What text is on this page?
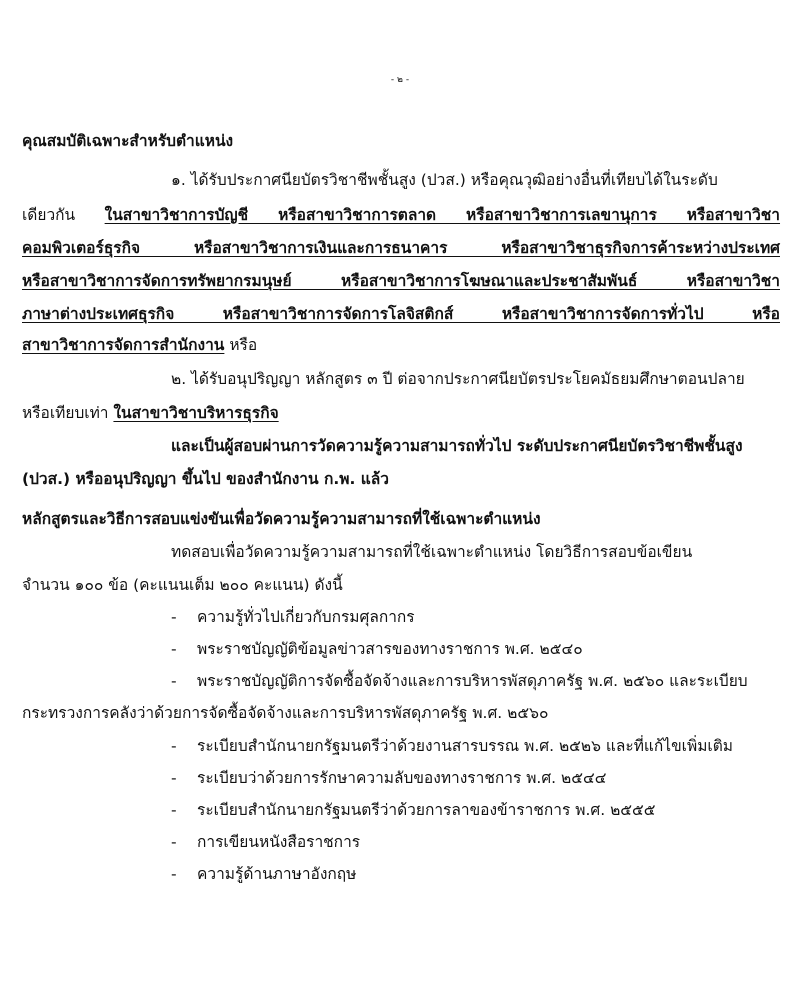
- ๒ -
คุณสมบัติเฉพาะสำหรับตำแหน่ง
๑. ได้รับประกาศนียบัตรวิชาชีพชั้นสูง (ปวส.) หรือคุณวุฒิอย่างอื่นที่เทียบได้ในระดับ
เดียวกัน ในสาขาวิชาการบัญชี หรือสาขาวิชาการตลาด หรือสาขาวิชาการเลขานุการ หรือสาขาวิชา
คอมพิวเตอร์ธุรกิจ หรือสาขาวิชาการเงินและการธนาคาร หรือสาขาวิชาธุรกิจการค้าระหว่างประเทศ
หรือสาขาวิชาการจัดการทรัพยากรมนุษย์ หรือสาขาวิชาการโฆษณาและประชาสัมพันธ์ หรือสาขาวิชา
ภาษาต่างประเทศธุรกิจ หรือสาขาวิชาการจัดการโลจิสติกส์ หรือสาขาวิชาการจัดการทั่วไป หรือ
สาขาวิชาการจัดการสำนักงาน หรือ
๒. ได้รับอนุปริญญา หลักสูตร ๓ ปี ต่อจากประกาศนียบัตรประโยคมัธยมศึกษาตอนปลาย
หรือเทียบเท่า ในสาขาวิชาบริหารธุรกิจ
และเป็นผู้สอบผ่านการวัดความรู้ความสามารถทั่วไป ระดับประกาศนียบัตรวิชาชีพชั้นสูง
(ปวส.) หรืออนุปริญญา ขึ้นไป ของสำนักงาน ก.พ. แล้ว
หลักสูตรและวิธีการสอบแข่งขันเพื่อวัดความรู้ความสามารถที่ใช้เฉพาะตำแหน่ง
ทดสอบเพื่อวัดความรู้ความสามารถที่ใช้เฉพาะตำแหน่ง โดยวิธีการสอบข้อเขียน
จำนวน ๑๐๐ ข้อ (คะแนนเต็ม ๒๐๐ คะแนน) ดังนี้
- ความรู้ทั่วไปเกี่ยวกับกรมศุลกากร
- พระราชบัญญัติข้อมูลข่าวสารของทางราชการ พ.ศ. ๒๕๔๐
- พระราชบัญญัติการจัดซื้อจัดจ้างและการบริหารพัสดุภาครัฐ พ.ศ. ๒๕๖๐ และระเบียบ
กระทรวงการคลังว่าด้วยการจัดซื้อจัดจ้างและการบริหารพัสดุภาครัฐ พ.ศ. ๒๕๖๐
- ระเบียบสำนักนายกรัฐมนตรีว่าด้วยงานสารบรรณ พ.ศ. ๒๕๒๖ และที่แก้ไขเพิ่มเติม
- ระเบียบว่าด้วยการรักษาความลับของทางราชการ พ.ศ. ๒๕๔๔
- ระเบียบสำนักนายกรัฐมนตรีว่าด้วยการลาของข้าราชการ พ.ศ. ๒๕๕๕
- การเขียนหนังสือราชการ
- ความรู้ด้านภาษาอังกฤษ
